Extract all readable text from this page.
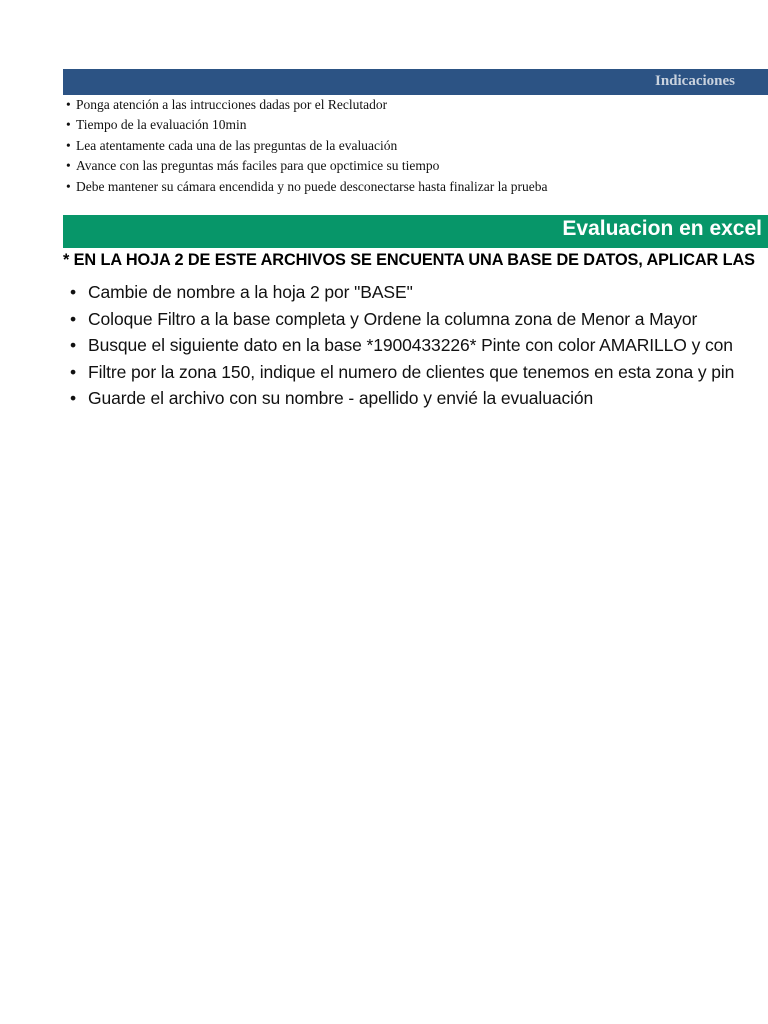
Indicaciones
• Ponga atención a las intrucciones dadas por el Reclutador
• Tiempo de la evaluación 10min
• Lea atentamente cada una de las preguntas de la evaluación
• Avance con las preguntas más faciles para que opctimice su tiempo
• Debe mantener su cámara encendida y no puede desconectarse hasta finalizar la prueba
Evaluacion en excel
* EN LA HOJA 2 DE ESTE ARCHIVOS SE ENCUENTA UNA BASE DE DATOS, APLICAR LAS
• Cambie de nombre a la hoja 2 por "BASE"
• Coloque Filtro a la base completa y Ordene la columna zona de Menor a Mayor
• Busque el siguiente dato en la base *1900433226* Pinte con color AMARILLO y con
• Filtre por la zona 150, indique el numero de clientes que tenemos en esta zona y pin
• Guarde el archivo con su nombre - apellido y envié la evualuación
